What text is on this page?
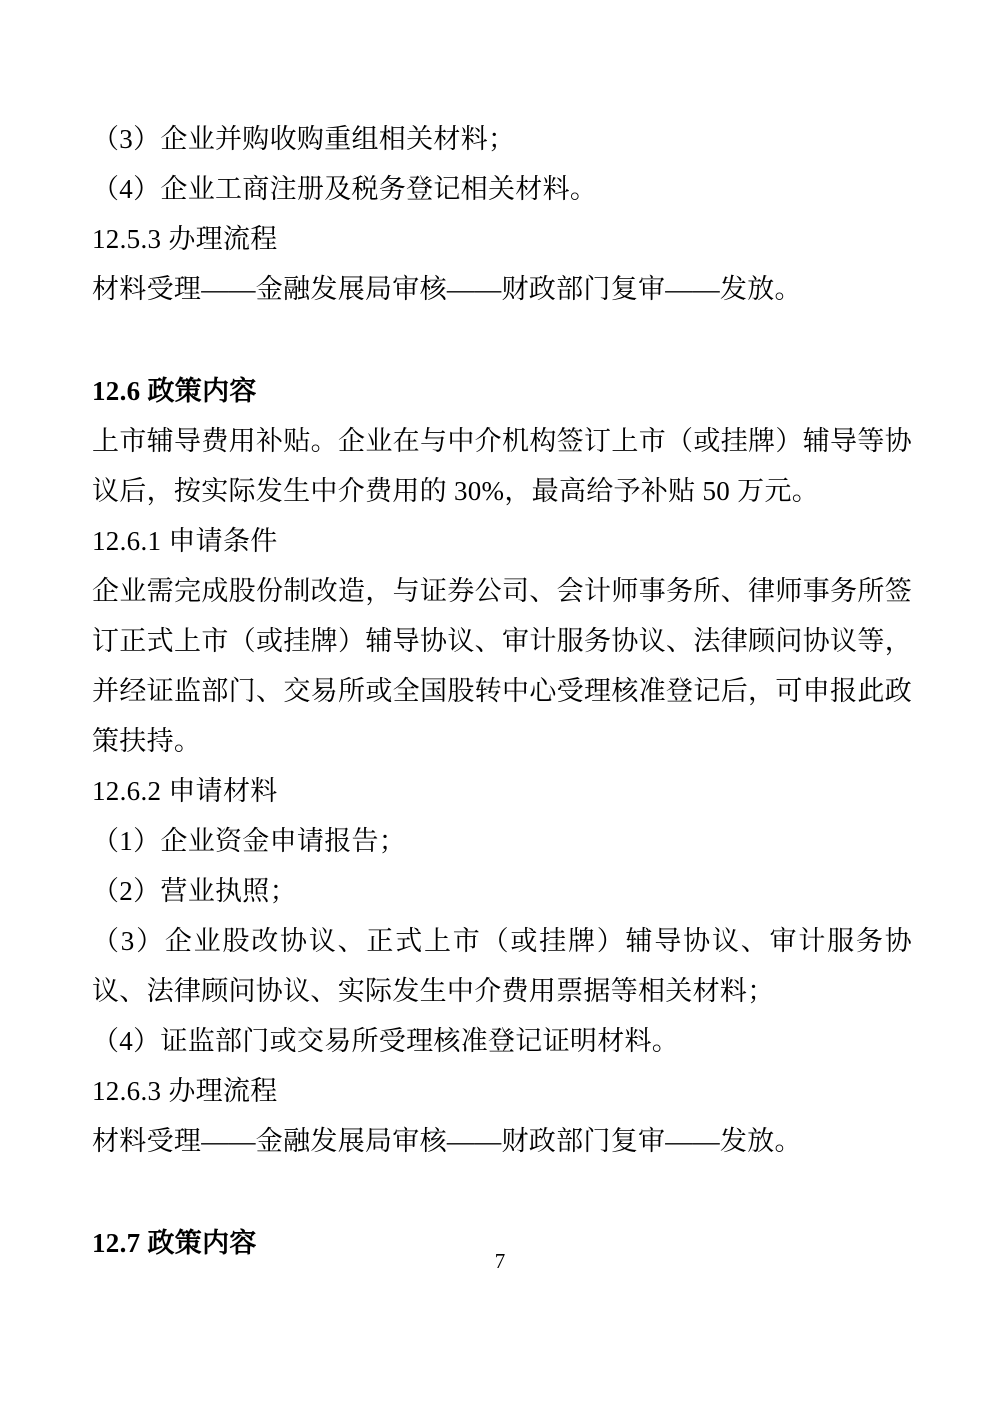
（3）企业并购收购重组相关材料；
（4）企业工商注册及税务登记相关材料。
12.5.3 办理流程
材料受理——金融发展局审核——财政部门复审——发放。
12.6 政策内容
上市辅导费用补贴。企业在与中介机构签订上市（或挂牌）辅导等协议后，按实际发生中介费用的 30%，最高给予补贴 50 万元。
12.6.1 申请条件
企业需完成股份制改造，与证券公司、会计师事务所、律师事务所签订正式上市（或挂牌）辅导协议、审计服务协议、法律顾问协议等，并经证监部门、交易所或全国股转中心受理核准登记后，可申报此政策扶持。
12.6.2 申请材料
（1）企业资金申请报告；
（2）营业执照；
（3）企业股改协议、正式上市（或挂牌）辅导协议、审计服务协议、法律顾问协议、实际发生中介费用票据等相关材料；
（4）证监部门或交易所受理核准登记证明材料。
12.6.3 办理流程
材料受理——金融发展局审核——财政部门复审——发放。
12.7 政策内容
7
